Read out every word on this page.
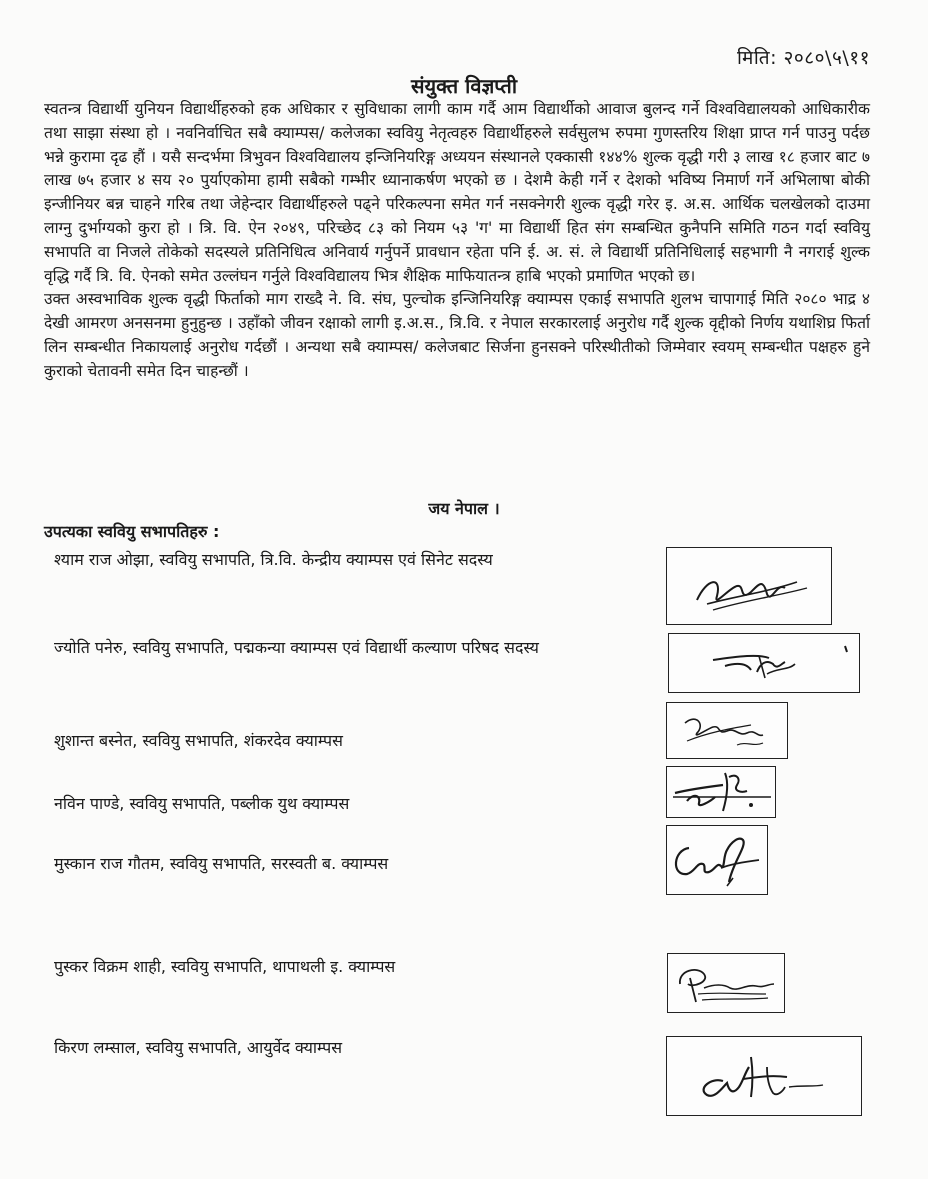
मिति: २०८०\५\११
संयुक्त विज्ञप्ती

स्वतन्त्र विद्यार्थी युनियन विद्यार्थीहरुको हक अधिकार र सुविधाका लागी काम गर्दै आम विद्यार्थीको आवाज बुलन्द गर्ने विश्वविद्यालयको आधिकारीक तथा साझा संस्था हो । नवनिर्वाचित सबै क्याम्पस/ कलेजका स्ववियु नेतृत्वहरु विद्यार्थीहरुले सर्वसुलभ रुपमा गुणस्तरिय शिक्षा प्राप्त गर्न पाउनु पर्दछ भन्ने कुरामा दृढ हौं । यसै सन्दर्भमा त्रिभुवन विश्वविद्यालय इन्जिनियरिङ्ग अध्ययन संस्थानले एक्कासी १४४% शुल्क वृद्धी गरी ३ लाख १८ हजार बाट ७ लाख ७५ हजार ४ सय २० पुर्याएकोमा हामी सबैको गम्भीर ध्यानाकर्षण भएको छ । देशमै केही गर्ने र देशको भविष्य निमार्ण गर्ने अभिलाषा बोकी इन्जीनियर बन्न चाहने गरिब तथा जेहेन्दार विद्यार्थीहरुले पढ्ने परिकल्पना समेत गर्न नसक्नेगरी शुल्क वृद्धी गरेर इ. अ.स. आर्थिक चलखेलको दाउमा लाग्नु दुर्भाग्यको कुरा हो । त्रि. वि. ऐन २०४९, परिच्छेद ८३ को नियम ५३ 'ग' मा विद्यार्थी हित संग सम्बन्धित कुनैपनि समिति गठन गर्दा स्ववियु सभापति वा निजले तोकेको सदस्यले प्रतिनिधित्व अनिवार्य गर्नुपर्ने प्रावधान रहेता पनि ई. अ. सं. ले विद्यार्थी प्रतिनिधिलाई सहभागी नै नगराई शुल्क वृद्धि गर्दै त्रि. वि. ऐनको समेत उल्लंघन गर्नुले विश्वविद्यालय भित्र शैक्षिक माफियातन्त्र हाबि भएको प्रमाणित भएको छ।

उक्त अस्वभाविक शुल्क वृद्धी फिर्ताको माग राख्दै ने. वि. संघ, पुल्चोक इन्जिनियरिङ्ग क्याम्पस एकाई सभापति शुलभ चापागाई मिति २०८० भाद्र ४ देखी आमरण अनसनमा हुनुहुन्छ । उहाँको जीवन रक्षाको लागी इ.अ.स., त्रि.वि. र नेपाल सरकारलाई अनुरोध गर्दै शुल्क वृद्दीको निर्णय यथाशिघ्र फिर्ता लिन सम्बन्धीत निकायलाई अनुरोध गर्दछौं । अन्यथा सबै क्याम्पस/ कलेजबाट सिर्जना हुनसक्ने परिस्थीतीको जिम्मेवार स्वयम् सम्बन्धीत पक्षहरु हुने कुराको चेतावनी समेत दिन चाहन्छौं ।

जय नेपाल ।
उपत्यका स्ववियु सभापतिहरु :
श्याम राज ओझा, स्ववियु सभापति, त्रि.वि. केन्द्रीय क्याम्पस एवं सिनेट सदस्य
ज्योति पनेरु, स्ववियु सभापति, पद्मकन्या क्याम्पस एवं विद्यार्थी कल्याण परिषद सदस्य
शुशान्त बस्नेत, स्ववियु सभापति, शंकरदेव क्याम्पस
नविन पाण्डे, स्ववियु सभापति, पब्लीक युथ क्याम्पस
मुस्कान राज गौतम, स्ववियु सभापति, सरस्वती ब. क्याम्पस
पुस्कर विक्रम शाही, स्ववियु सभापति, थापाथली इ. क्याम्पस
किरण लम्साल, स्ववियु सभापति, आयुर्वेद क्याम्पस
